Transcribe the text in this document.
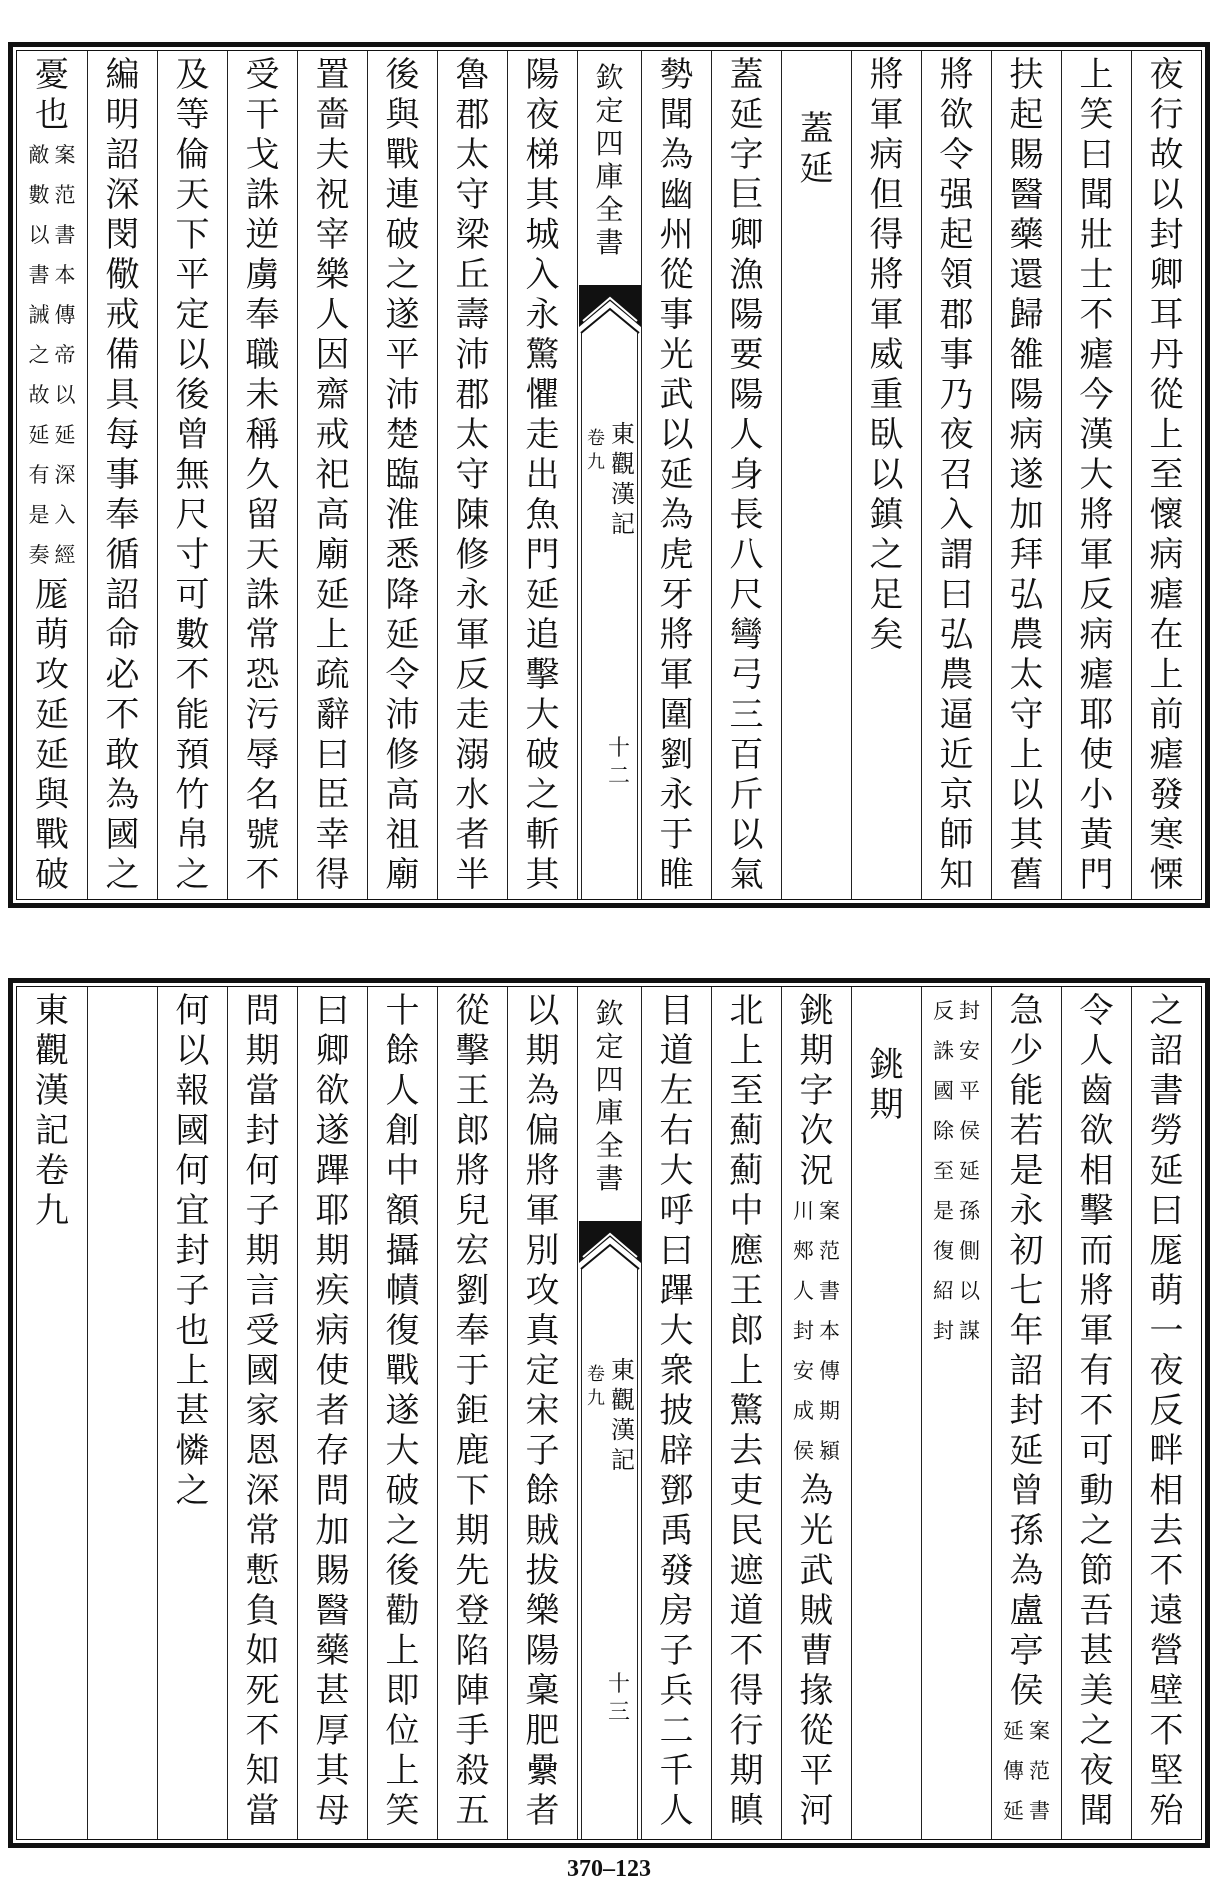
夜
行
故
以
封
卿
耳
丹
從
上
至
懷
病
瘧
在
上
前
瘧
發
寒
慄
上
笑
曰
聞
壯
士
不
瘧
今
漢
大
將
軍
反
病
瘧
耶
使
小
黃
門
扶
起
賜
醫
藥
還
歸
雒
陽
病
遂
加
拜
弘
農
太
守
上
以
其
舊
將
欲
令
强
起
領
郡
事
乃
夜
召
入
謂
曰
弘
農
逼
近
京
師
知
將
軍
病
但
得
將
軍
威
重
臥
以
鎮
之
足
矣
蓋
延
蓋
延
字
巨
卿
漁
陽
要
陽
人
身
長
八
尺
彎
弓
三
百
斤
以
氣
勢
聞
為
幽
州
從
事
光
武
以
延
為
虎
牙
將
軍
圍
劉
永
于
睢
欽
定
四
庫
全
書
東
觀
漢
記
卷
九
十
二
陽
夜
梯
其
城
入
永
驚
懼
走
出
魚
門
延
追
擊
大
破
之
斬
其
魯
郡
太
守
梁
丘
壽
沛
郡
太
守
陳
修
永
軍
反
走
溺
水
者
半
後
與
戰
連
破
之
遂
平
沛
楚
臨
淮
悉
降
延
令
沛
修
高
祖
廟
置
嗇
夫
祝
宰
樂
人
因
齋
戒
祀
高
廟
延
上
疏
辭
曰
臣
幸
得
受
干
戈
誅
逆
虜
奉
職
未
稱
久
留
天
誅
常
恐
污
辱
名
號
不
及
等
倫
天
下
平
定
以
後
曾
無
尺
寸
可
數
不
能
預
竹
帛
之
編
明
詔
深
閔
儆
戒
備
具
每
事
奉
循
詔
命
必
不
敢
為
國
之
憂
也
案
范
書
本
傳
帝
以
延
深
入
經
敵
數
以
書
誡
之
故
延
有
是
奏
厖
萌
攻
延
延
與
戰
破
之
詔
書
勞
延
曰
厖
萌
一
夜
反
畔
相
去
不
遠
營
壁
不
堅
殆
令
人
齒
欲
相
擊
而
將
軍
有
不
可
動
之
節
吾
甚
美
之
夜
聞
急
少
能
若
是
永
初
七
年
詔
封
延
曾
孫
為
盧
亭
侯
案
范
書
延
傳
延
封
安
平
侯
延
孫
側
以
謀
反
誅
國
除
至
是
復
紹
封
銚
期
銚
期
字
次
況
案
范
書
本
傳
期
潁
川
郟
人
封
安
成
侯
為
光
武
賊
曹
掾
從
平
河
北
上
至
薊
薊
中
應
王
郎
上
驚
去
吏
民
遮
道
不
得
行
期
瞋
目
道
左
右
大
呼
曰
蹕
大
衆
披
辟
鄧
禹
發
房
子
兵
二
千
人
欽
定
四
庫
全
書
東
觀
漢
記
卷
九
十
三
以
期
為
偏
將
軍
別
攻
真
定
宋
子
餘
賊
拔
樂
陽
稾
肥
纍
者
從
擊
王
郎
將
兒
宏
劉
奉
于
鉅
鹿
下
期
先
登
陷
陣
手
殺
五
十
餘
人
創
中
額
攝
幘
復
戰
遂
大
破
之
後
勸
上
即
位
上
笑
曰
卿
欲
遂
蹕
耶
期
疾
病
使
者
存
問
加
賜
醫
藥
甚
厚
其
母
問
期
當
封
何
子
期
言
受
國
家
恩
深
常
慙
負
如
死
不
知
當
何
以
報
國
何
宜
封
子
也
上
甚
憐
之
東
觀
漢
記
卷
九
370–123
